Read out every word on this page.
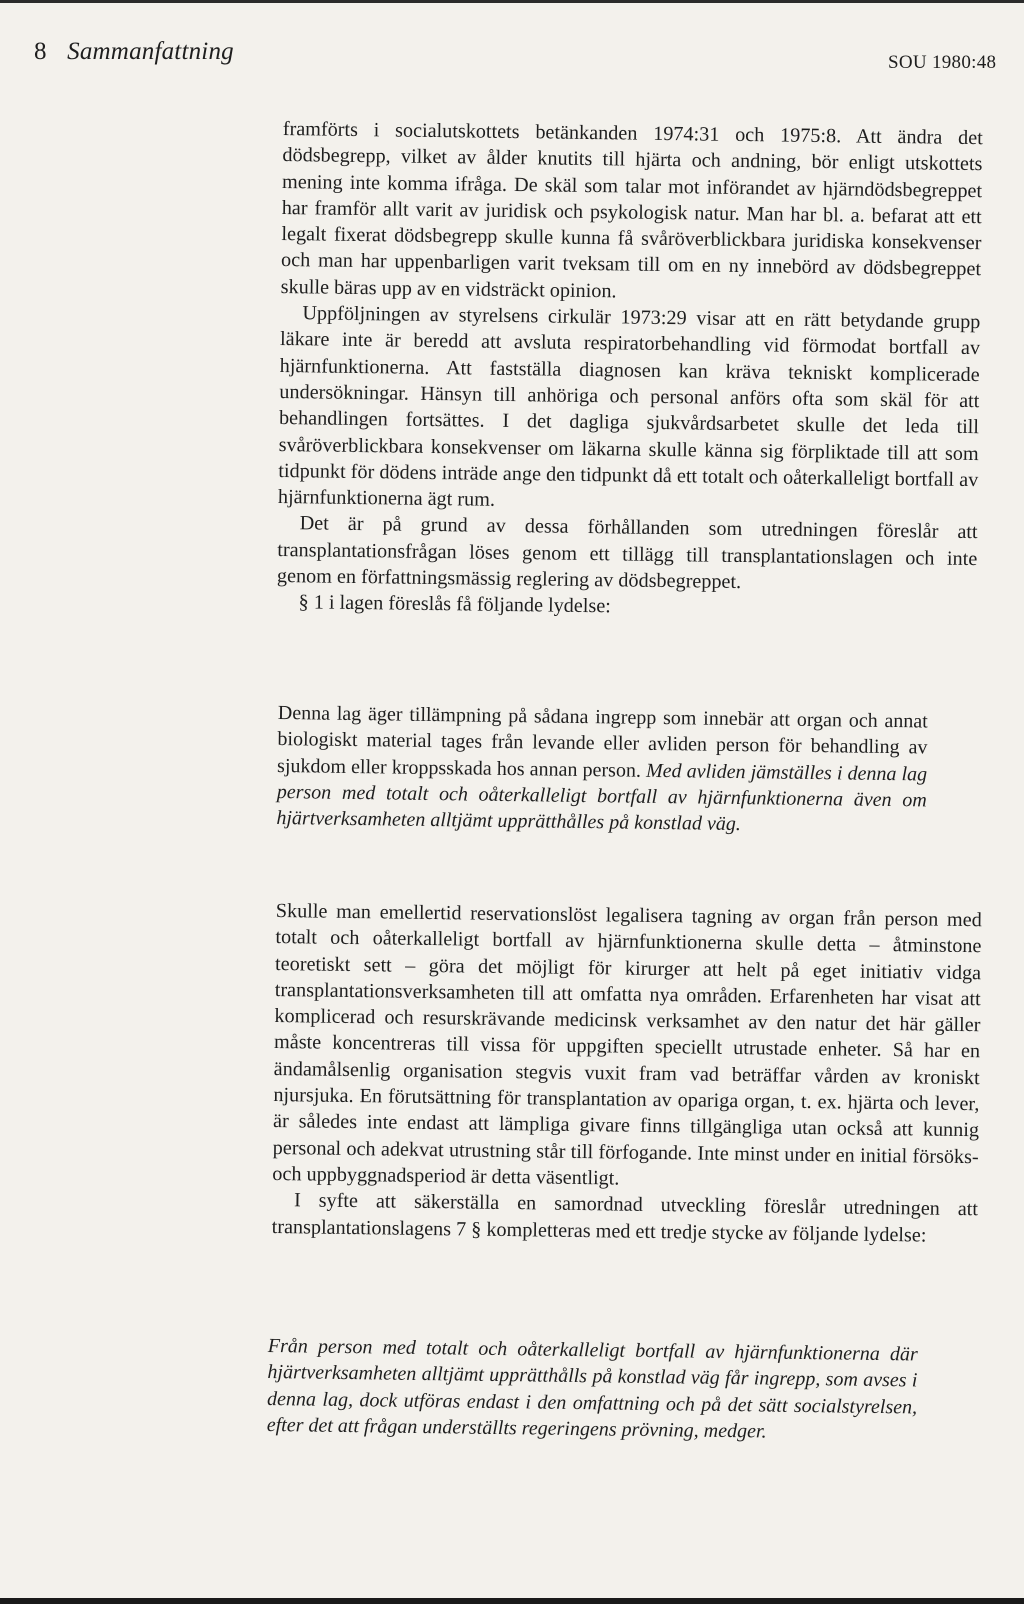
8 Sammanfattning	SOU 1980:48

framförts i socialutskottets betänkanden 1974:31 och 1975:8. Att ändra det dödsbegrepp, vilket av ålder knutits till hjärta och andning, bör enligt utskottets mening inte komma ifråga. De skäl som talar mot införandet av hjärndödsbegreppet har framför allt varit av juridisk och psykologisk natur. Man har bl. a. befarat att ett legalt fixerat dödsbegrepp skulle kunna få svåröverblickbara juridiska konsekvenser och man har uppenbarligen varit tveksam till om en ny innebörd av dödsbegreppet skulle bäras upp av en vidsträckt opinion.

Uppföljningen av styrelsens cirkulär 1973:29 visar att en rätt betydande grupp läkare inte är beredd att avsluta respiratorbehandling vid förmodat bortfall av hjärnfunktionerna. Att fastställa diagnosen kan kräva tekniskt komplicerade undersökningar. Hänsyn till anhöriga och personal anförs ofta som skäl för att behandlingen fortsättes. I det dagliga sjukvårdsarbetet skulle det leda till svåröverblickbara konsekvenser om läkarna skulle känna sig förpliktade till att som tidpunkt för dödens inträde ange den tidpunkt då ett totalt och oåterkalleligt bortfall av hjärnfunktionerna ägt rum.

Det är på grund av dessa förhållanden som utredningen föreslår att transplantationsfrågan löses genom ett tillägg till transplantationslagen och inte genom en författningsmässig reglering av dödsbegreppet.

§ 1 i lagen föreslås få följande lydelse:

Denna lag äger tillämpning på sådana ingrepp som innebär att organ och annat biologiskt material tages från levande eller avliden person för behandling av sjukdom eller kroppsskada hos annan person. Med avliden jämställes i denna lag person med totalt och oåterkalleligt bortfall av hjärnfunktionerna även om hjärtverksamheten alltjämt upprätthålles på konstlad väg.

Skulle man emellertid reservationslöst legalisera tagning av organ från person med totalt och oåterkalleligt bortfall av hjärnfunktionerna skulle detta – åtminstone teoretiskt sett – göra det möjligt för kirurger att helt på eget initiativ vidga transplantationsverksamheten till att omfatta nya områden. Erfarenheten har visat att komplicerad och resurskrävande medicinsk verksamhet av den natur det här gäller måste koncentreras till vissa för uppgiften speciellt utrustade enheter. Så har en ändamålsenlig organisation stegvis vuxit fram vad beträffar vården av kroniskt njursjuka. En förutsättning för transplantation av opariga organ, t. ex. hjärta och lever, är således inte endast att lämpliga givare finns tillgängliga utan också att kunnig personal och adekvat utrustning står till förfogande. Inte minst under en initial försöks- och uppbyggnadsperiod är detta väsentligt.

I syfte att säkerställa en samordnad utveckling föreslår utredningen att transplantationslagens 7 § kompletteras med ett tredje stycke av följande lydelse:

Från person med totalt och oåterkalleligt bortfall av hjärnfunktionerna där hjärtverksamheten alltjämt upprätthålls på konstlad väg får ingrepp, som avses i denna lag, dock utföras endast i den omfattning och på det sätt socialstyrelsen, efter det att frågan underställts regeringens prövning, medger.
